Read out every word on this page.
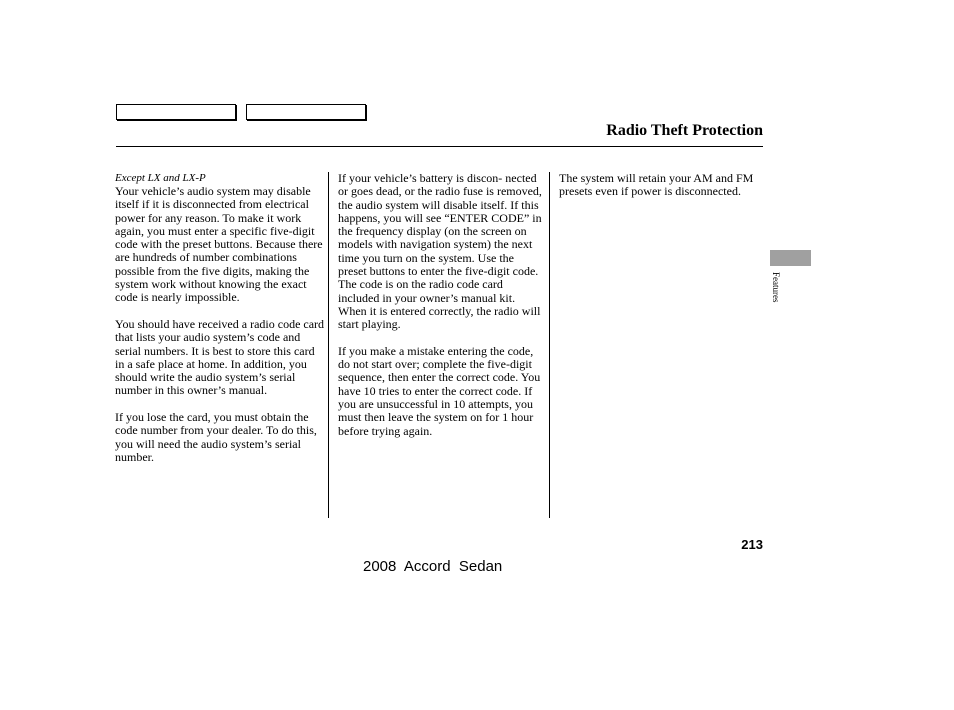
Radio Theft Protection

Except LX and LX-P

Your vehicle’s audio system may disable itself if it is disconnected from electrical power for any reason. To make it work again, you must enter a specific five-digit code with the preset buttons. Because there are hundreds of number combinations possible from the five digits, making the system work without knowing the exact code is nearly impossible.

You should have received a radio code card that lists your audio system’s code and serial numbers. It is best to store this card in a safe place at home. In addition, you should write the audio system’s serial number in this owner’s manual.

If you lose the card, you must obtain the code number from your dealer. To do this, you will need the audio system’s serial number.

If your vehicle’s battery is discon- nected or goes dead, or the radio fuse is removed, the audio system will disable itself. If this happens, you will see “ENTER CODE” in the frequency display (on the screen on models with navigation system) the next time you turn on the system. Use the preset buttons to enter the five-digit code. The code is on the radio code card included in your owner’s manual kit. When it is entered correctly, the radio will start playing.

If you make a mistake entering the code, do not start over; complete the five-digit sequence, then enter the correct code. You have 10 tries to enter the correct code. If you are unsuccessful in 10 attempts, you must then leave the system on for 1 hour before trying again.

The system will retain your AM and FM presets even if power is disconnected.

Features
213
2008  Accord  Sedan
